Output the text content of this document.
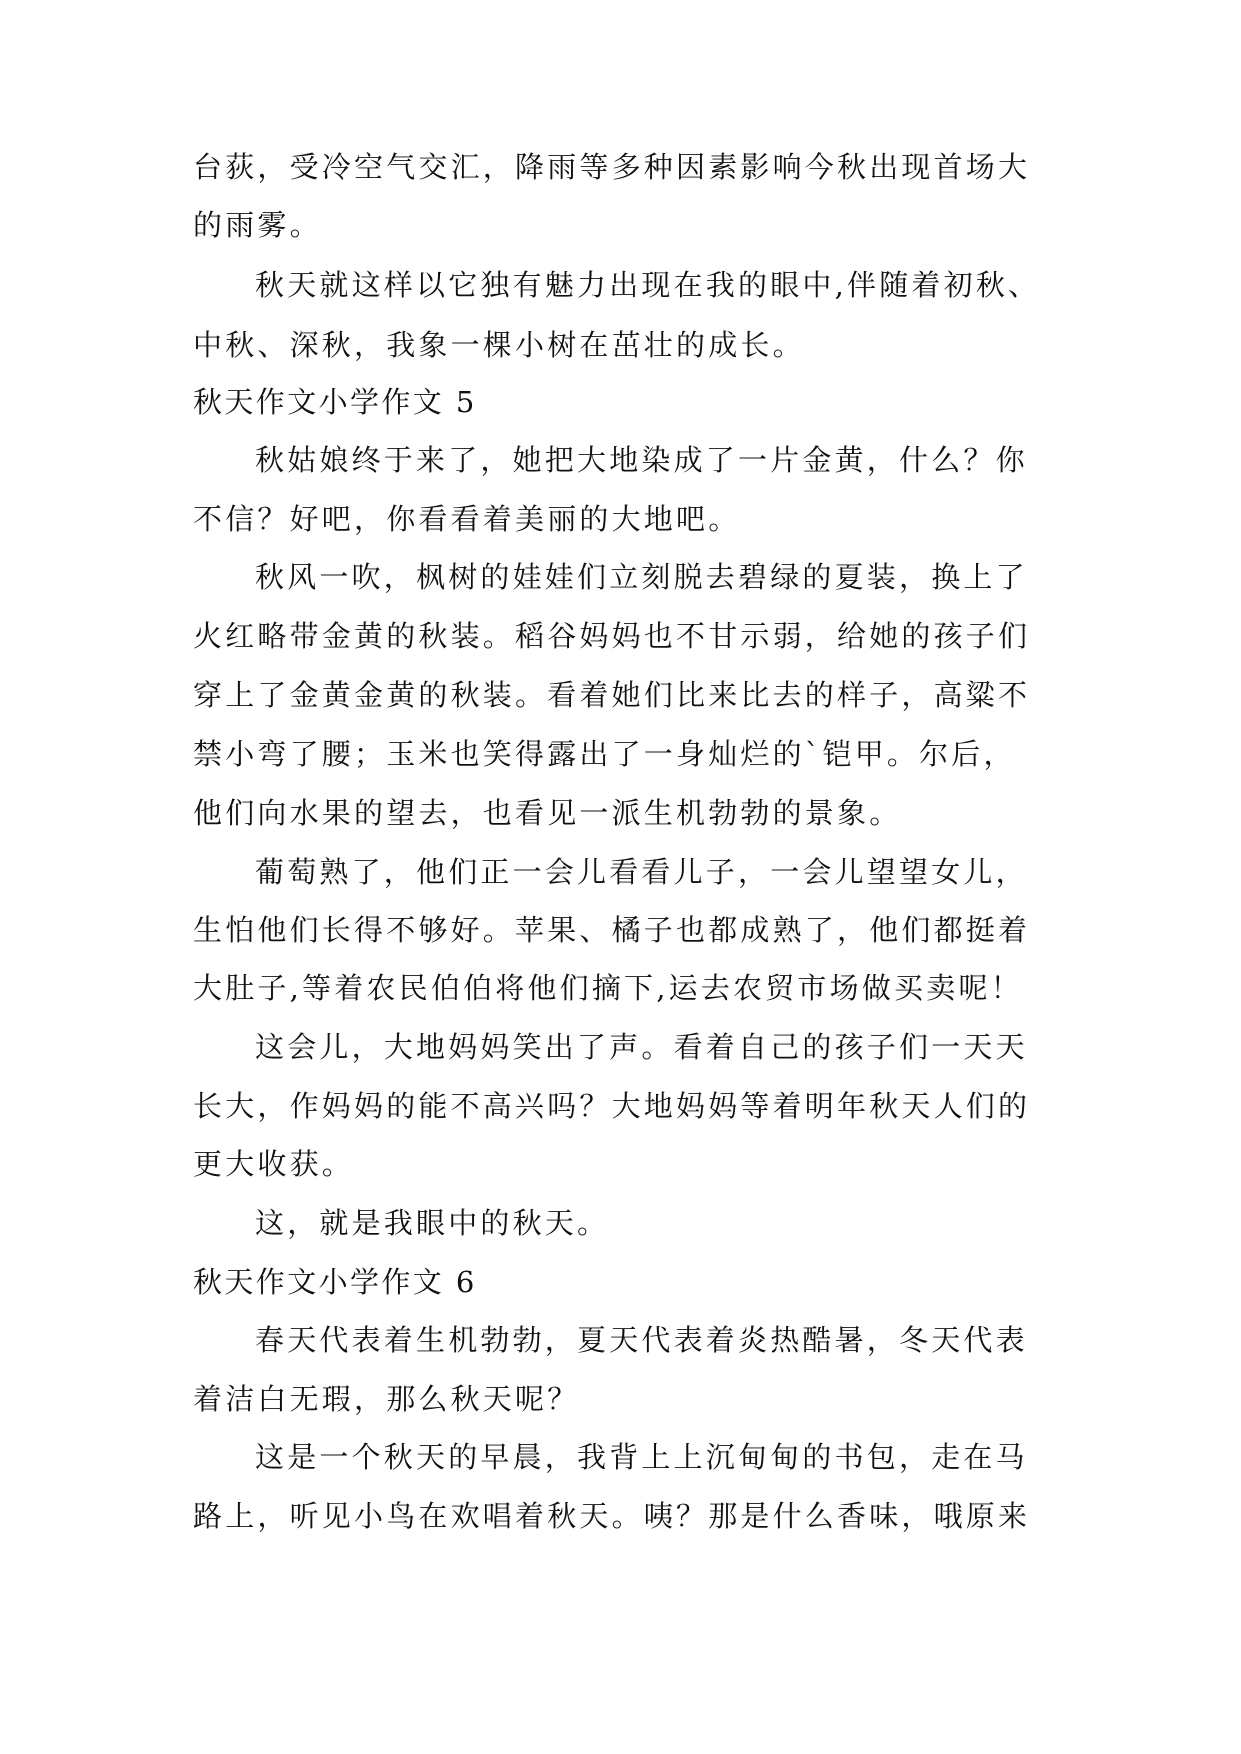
台荻，受冷空气交汇，降雨等多种因素影响今秋出现首场大
的雨雾。
秋天就这样以它独有魅力出现在我的眼中,伴随着初秋、
中秋、深秋，我象一棵小树在茁壮的成长。
秋天作文小学作文 5
秋姑娘终于来了，她把大地染成了一片金黄，什么？你
不信？好吧，你看看着美丽的大地吧。
秋风一吹，枫树的娃娃们立刻脱去碧绿的夏装，换上了
火红略带金黄的秋装。稻谷妈妈也不甘示弱，给她的孩子们
穿上了金黄金黄的秋装。看着她们比来比去的样子，高粱不
禁小弯了腰；玉米也笑得露出了一身灿烂的`铠甲。尔后，
他们向水果的望去，也看见一派生机勃勃的景象。
葡萄熟了，他们正一会儿看看儿子，一会儿望望女儿，
生怕他们长得不够好。苹果、橘子也都成熟了，他们都挺着
大肚子,等着农民伯伯将他们摘下,运去农贸市场做买卖呢！
这会儿，大地妈妈笑出了声。看着自己的孩子们一天天
长大，作妈妈的能不高兴吗？大地妈妈等着明年秋天人们的
更大收获。
这，就是我眼中的秋天。
秋天作文小学作文 6
春天代表着生机勃勃，夏天代表着炎热酷暑，冬天代表
着洁白无瑕，那么秋天呢？
这是一个秋天的早晨，我背上上沉甸甸的书包，走在马
路上，听见小鸟在欢唱着秋天。咦？那是什么香味，哦原来
